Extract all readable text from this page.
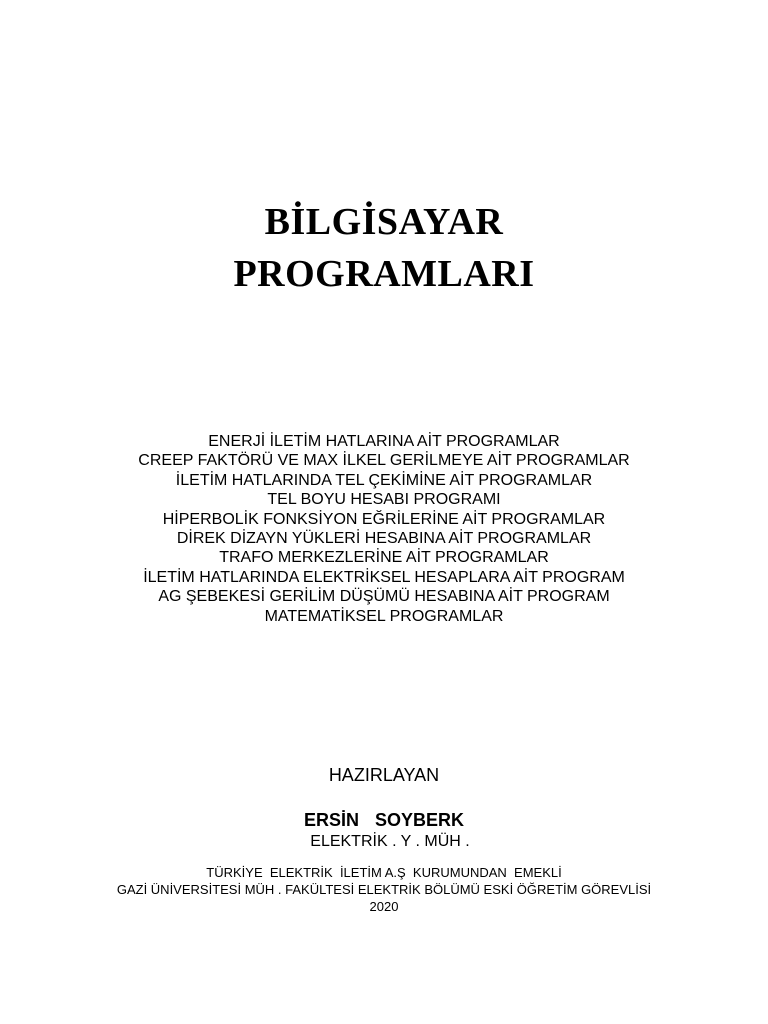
BİLGİSAYAR
PROGRAMLARI
ENERJİ İLETİM HATLARINA AİT PROGRAMLAR
CREEP FAKTÖRÜ VE MAX İLKEL GERİLMEYE AİT PROGRAMLAR
İLETİM HATLARINDA TEL ÇEKİMİNE AİT PROGRAMLAR
TEL BOYU HESABI PROGRAMI
HİPERBOLİK FONKSİYON EĞRİLERİNE AİT PROGRAMLAR
DİREK DİZAYN YÜKLERİ HESABINA AİT PROGRAMLAR
TRAFO MERKEZLERİNE AİT PROGRAMLAR
İLETİM HATLARINDA ELEKTRİKSEL HESAPLARA AİT PROGRAM
AG ŞEBEKESİ GERİLİM DÜŞÜMÜ HESABINA AİT PROGRAM
MATEMATİKSEL PROGRAMLAR
HAZIRLAYAN
ERSİN  SOYBERK
ELEKTRİK . Y . MÜH .
TÜRKİYE  ELEKTRİK  İLETİM A.Ş  KURUMUNDAN  EMEKLİ
GAZİ ÜNİVERSİTESİ MÜH . FAKÜLTESİ ELEKTRİK BÖLÜMÜ ESKİ ÖĞRETİM GÖREVLİSİ
2020
